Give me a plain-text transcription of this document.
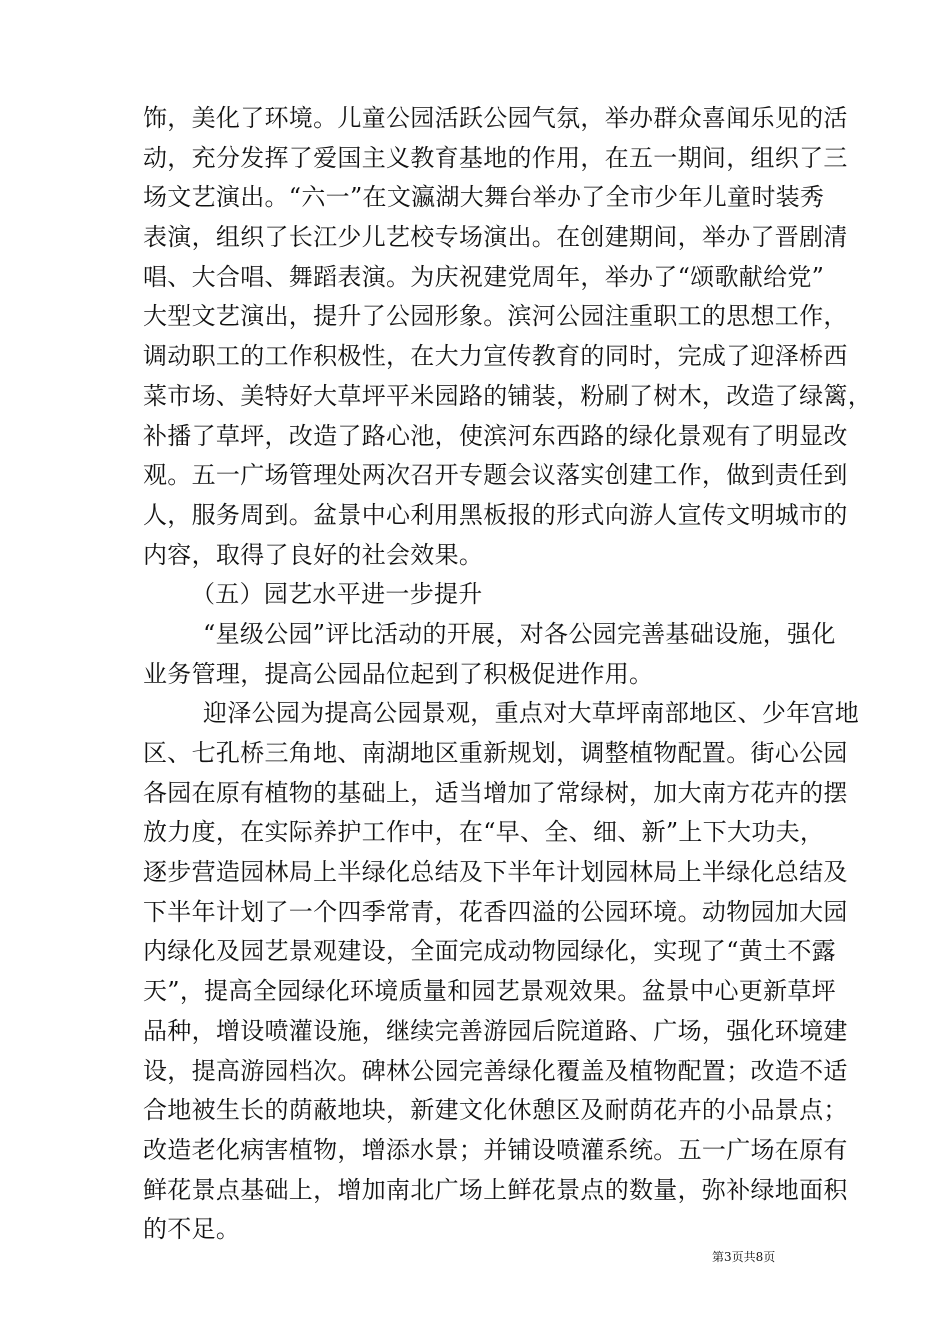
饰，美化了环境。儿童公园活跃公园气氛，举办群众喜闻乐见的活
动，充分发挥了爱国主义教育基地的作用，在五一期间，组织了三
场文艺演出。“六一”在文瀛湖大舞台举办了全市少年儿童时装秀
表演，组织了长江少儿艺校专场演出。在创建期间，举办了晋剧清
唱、大合唱、舞蹈表演。为庆祝建党周年，举办了“颂歌献给党”
大型文艺演出，提升了公园形象。滨河公园注重职工的思想工作，
调动职工的工作积极性，在大力宣传教育的同时，完成了迎泽桥西
菜市场、美特好大草坪平米园路的铺装，粉刷了树木，改造了绿篱，
补播了草坪，改造了路心池，使滨河东西路的绿化景观有了明显改
观。五一广场管理处两次召开专题会议落实创建工作，做到责任到
人，服务周到。盆景中心利用黑板报的形式向游人宣传文明城市的
内容，取得了良好的社会效果。
（五）园艺水平进一步提升
“星级公园”评比活动的开展，对各公园完善基础设施，强化
业务管理，提高公园品位起到了积极促进作用。
迎泽公园为提高公园景观，重点对大草坪南部地区、少年宫地
区、七孔桥三角地、南湖地区重新规划，调整植物配置。街心公园
各园在原有植物的基础上，适当增加了常绿树，加大南方花卉的摆
放力度，在实际养护工作中，在“早、全、细、新”上下大功夫，
逐步营造园林局上半绿化总结及下半年计划园林局上半绿化总结及
下半年计划了一个四季常青，花香四溢的公园环境。动物园加大园
内绿化及园艺景观建设，全面完成动物园绿化，实现了“黄土不露
天”，提高全园绿化环境质量和园艺景观效果。盆景中心更新草坪
品种，增设喷灌设施，继续完善游园后院道路、广场，强化环境建
设，提高游园档次。碑林公园完善绿化覆盖及植物配置；改造不适
合地被生长的荫蔽地块，新建文化休憩区及耐荫花卉的小品景点；
改造老化病害植物，增添水景；并铺设喷灌系统。五一广场在原有
鲜花景点基础上，增加南北广场上鲜花景点的数量，弥补绿地面积
的不足。
第3页共8页
